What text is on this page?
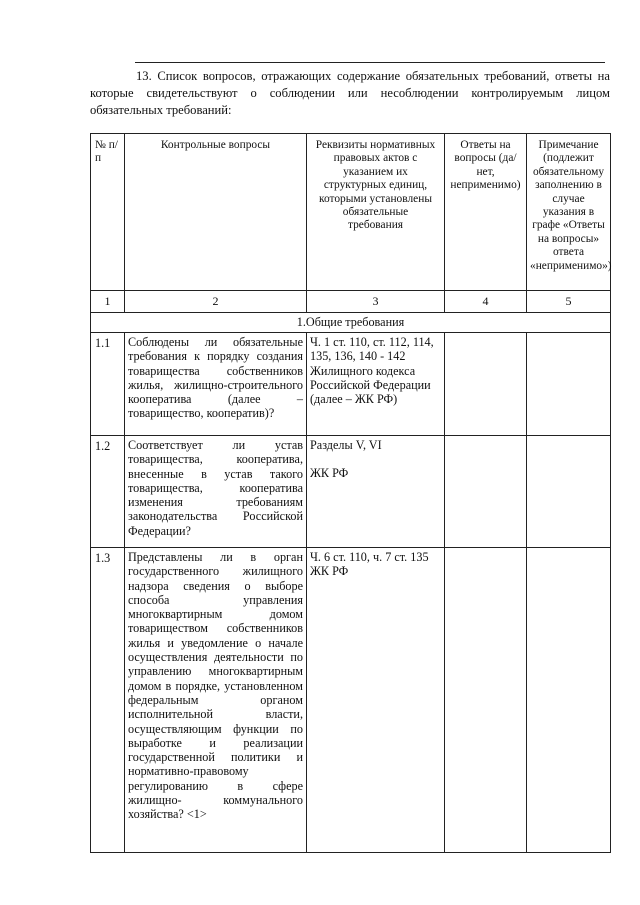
13. Список вопросов, отражающих содержание обязательных требований, ответы на которые свидетельствуют о соблюдении или несоблюдении контролируемым лицом обязательных требований:
№ п/п	Контрольные вопросы	Реквизиты нормативных правовых актов с указанием их структурных единиц, которыми установлены обязательные требования	Ответы на вопросы (да/нет, неприменимо)	Примечание (подлежит обязательному заполнению в случае указания в графе «Ответы на вопросы» ответа «неприменимо»)
1	2	3	4	5
1.Общие требования				
1.1	Соблюдены ли обязательные требования к порядку создания товарищества собственников жилья, жилищно-строительного кооператива (далее – товарищество, кооператив)?	Ч. 1 ст. 110, ст. 112, 114, 135, 136, 140 - 142 Жилищного кодекса Российской Федерации (далее – ЖК РФ)		

1.2	Соответствует ли устав товарищества, кооператива, внесенные в устав такого товарищества, кооператива изменения требованиям законодательства Российской Федерации?	Разделы V, VI
ЖК РФ		

1.3	Представлены ли в орган государственного жилищного надзора сведения о выборе способа управления многоквартирным домом товариществом собственников жилья и уведомление о начале осуществления деятельности по управлению многоквартирным домом в порядке, установленном федеральным органом исполнительной власти, осуществляющим функции по выработке и реализации государственной политики и нормативно-правовому регулированию в сфере жилищно- коммунального хозяйства? <1>	Ч. 6 ст. 110, ч. 7 ст. 135 ЖК РФ		
